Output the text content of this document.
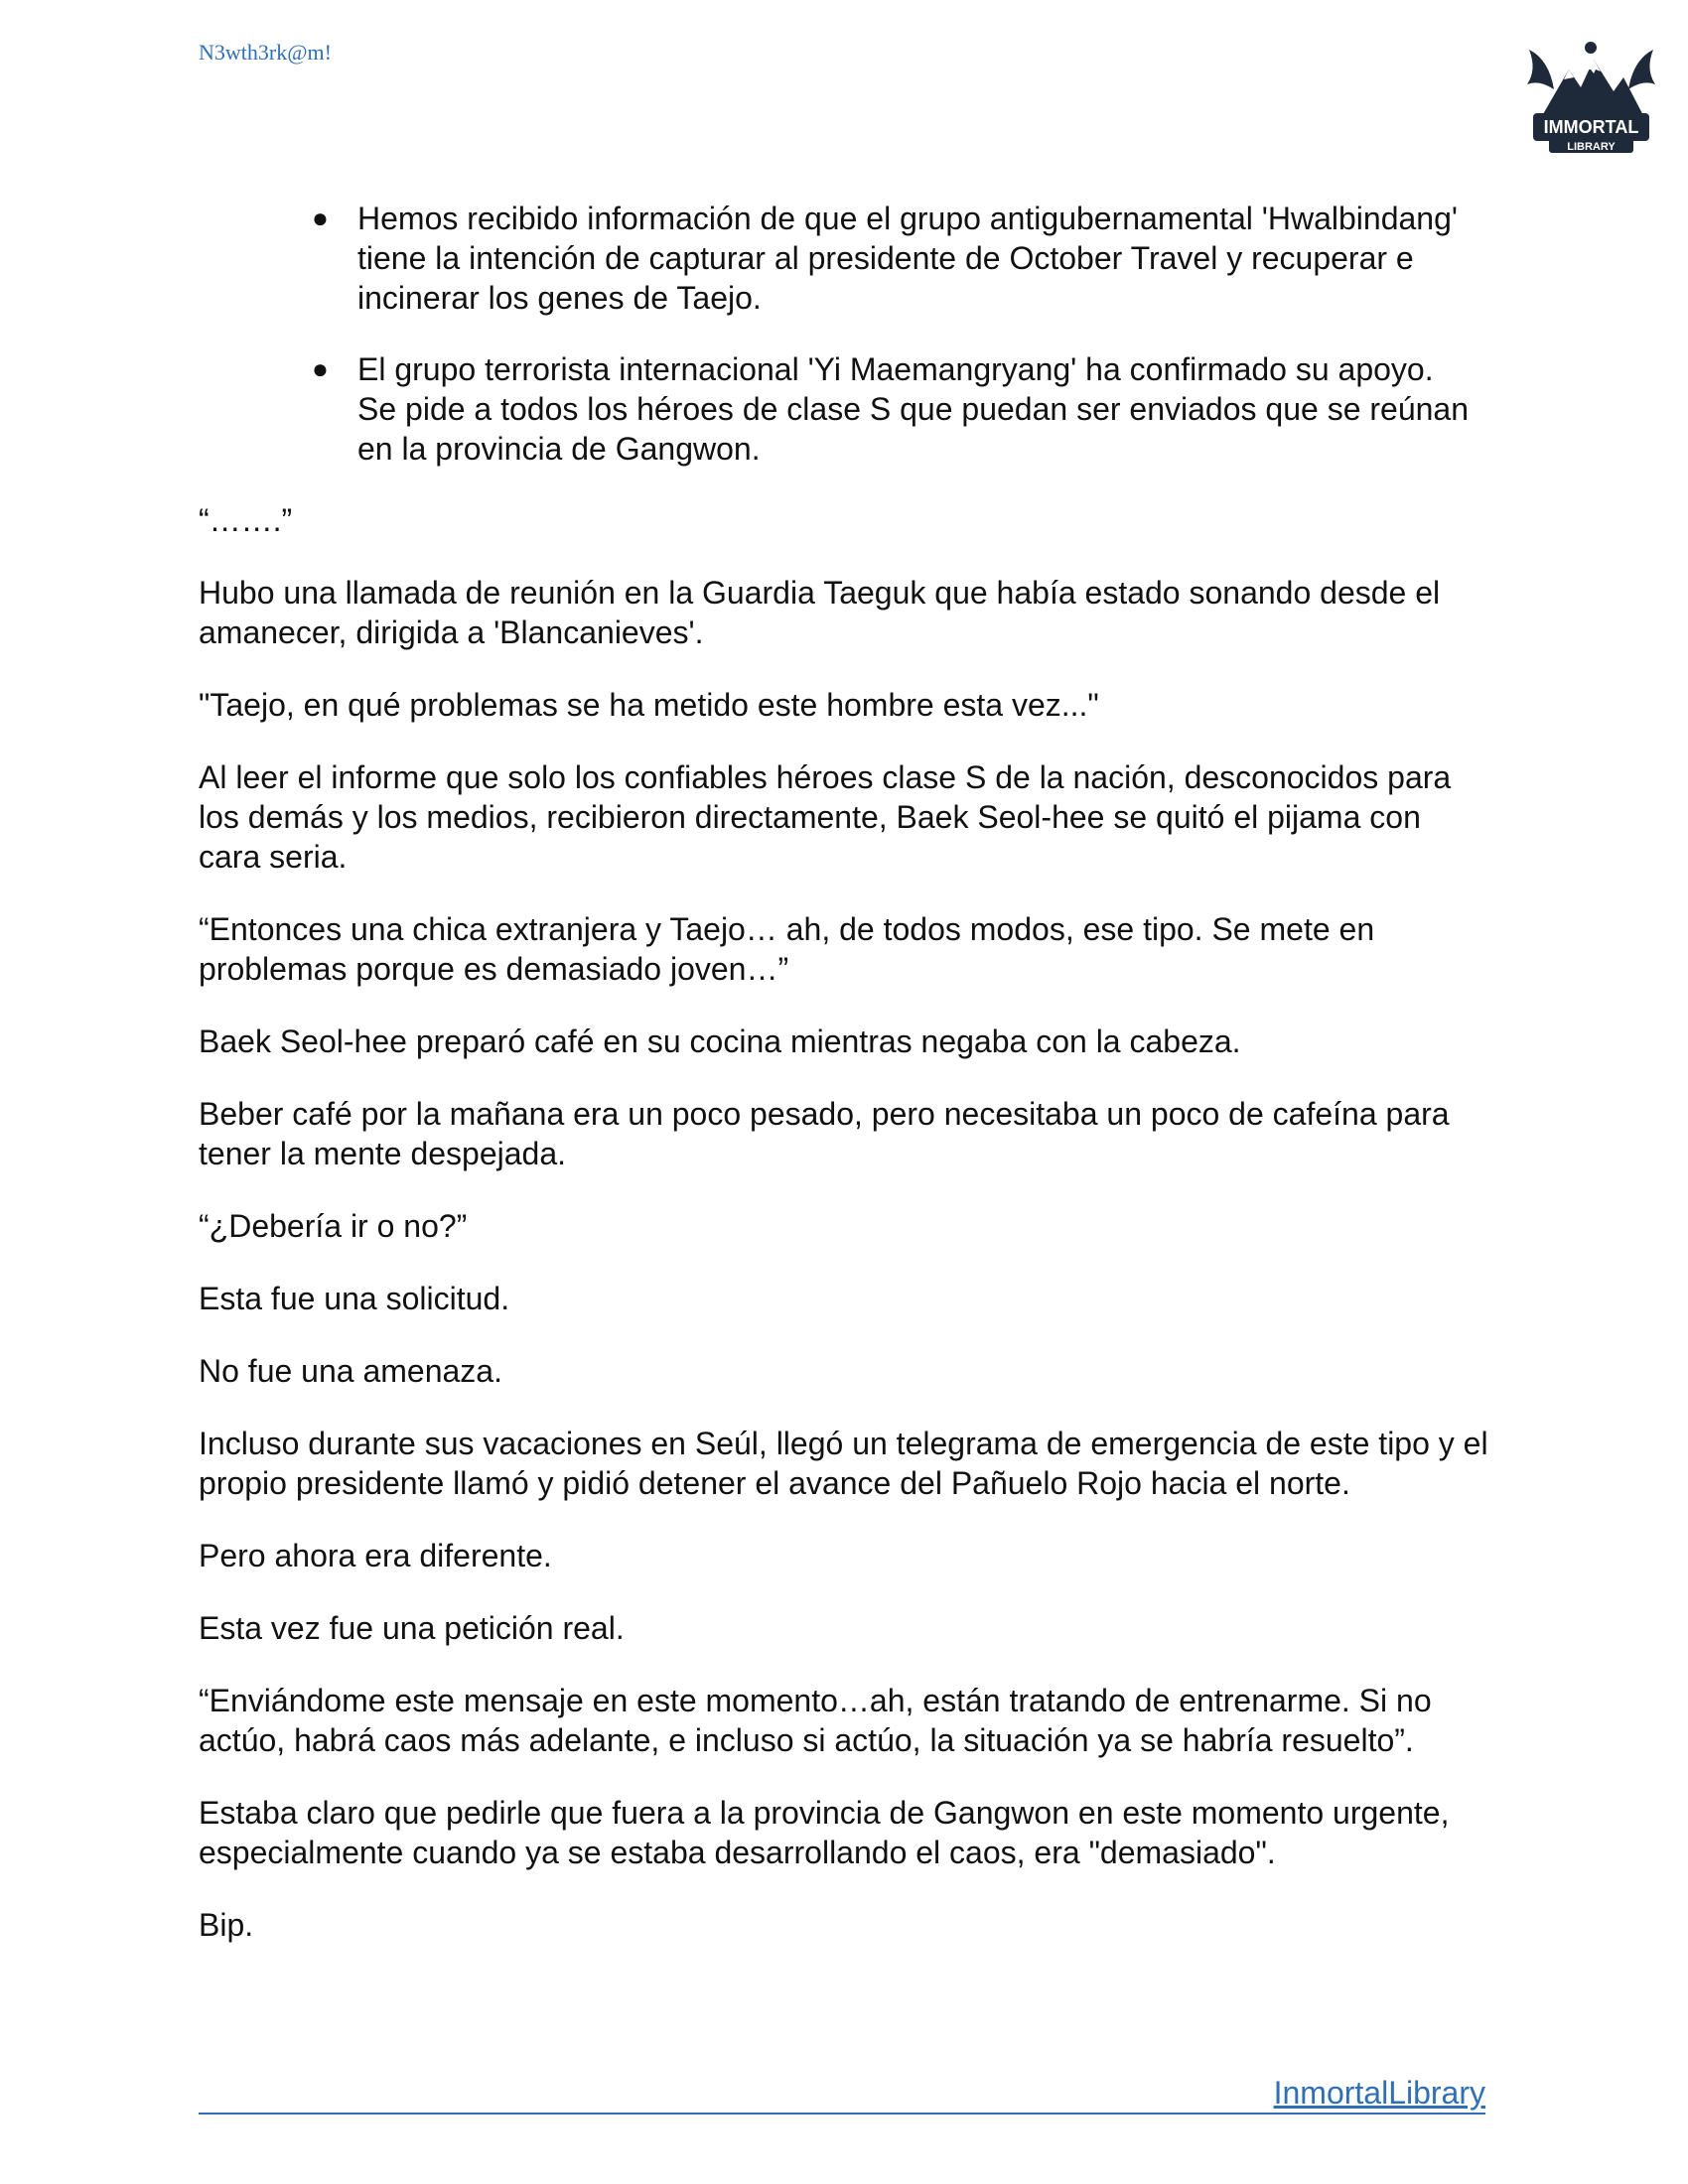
N3wth3rk@m!
IMMORTAL
LIBRARY
● Hemos recibido información de que el grupo antigubernamental 'Hwalbindang' tiene la intención de capturar al presidente de October Travel y recuperar e incinerar los genes de Taejo.
● El grupo terrorista internacional 'Yi Maemangryang' ha confirmado su apoyo. Se pide a todos los héroes de clase S que puedan ser enviados que se reúnan en la provincia de Gangwon.

“…….”

Hubo una llamada de reunión en la Guardia Taeguk que había estado sonando desde el amanecer, dirigida a 'Blancanieves'.

"Taejo, en qué problemas se ha metido este hombre esta vez..."

Al leer el informe que solo los confiables héroes clase S de la nación, desconocidos para los demás y los medios, recibieron directamente, Baek Seol-hee se quitó el pijama con cara seria.

“Entonces una chica extranjera y Taejo… ah, de todos modos, ese tipo. Se mete en problemas porque es demasiado joven…”

Baek Seol-hee preparó café en su cocina mientras negaba con la cabeza.

Beber café por la mañana era un poco pesado, pero necesitaba un poco de cafeína para tener la mente despejada.

“¿Debería ir o no?”

Esta fue una solicitud.

No fue una amenaza.

Incluso durante sus vacaciones en Seúl, llegó un telegrama de emergencia de este tipo y el propio presidente llamó y pidió detener el avance del Pañuelo Rojo hacia el norte.

Pero ahora era diferente.

Esta vez fue una petición real.

“Enviándome este mensaje en este momento…ah, están tratando de entrenarme. Si no actúo, habrá caos más adelante, e incluso si actúo, la situación ya se habría resuelto”.

Estaba claro que pedirle que fuera a la provincia de Gangwon en este momento urgente, especialmente cuando ya se estaba desarrollando el caos, era "demasiado".

Bip.

InmortalLibrary
